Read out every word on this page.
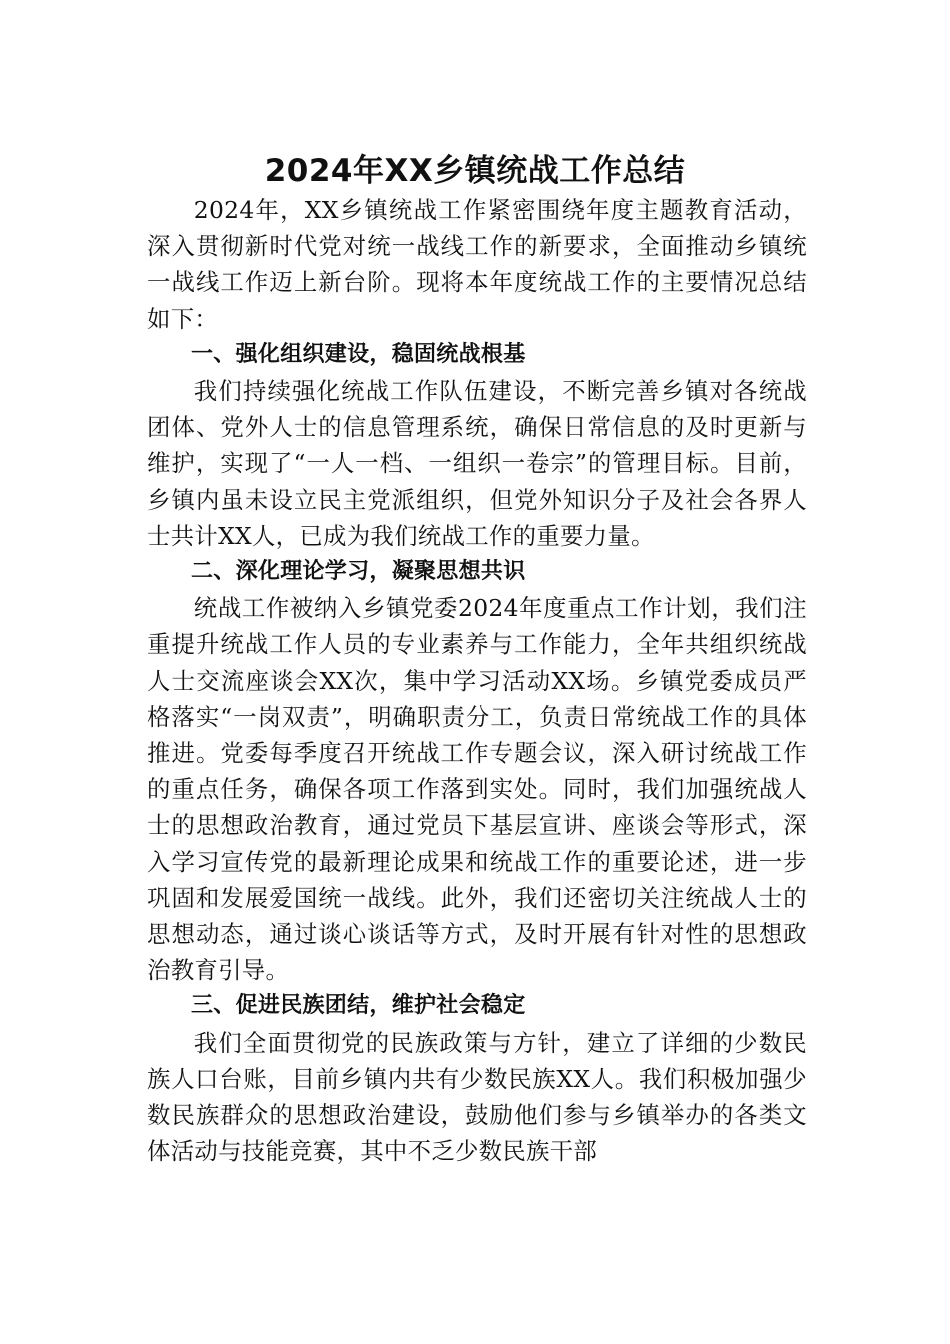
2024年XX乡镇统战工作总结

2024年，XX乡镇统战工作紧密围绕年度主题教育活动，深入贯彻新时代党对统一战线工作的新要求，全面推动乡镇统一战线工作迈上新台阶。现将本年度统战工作的主要情况总结如下：

一、强化组织建设，稳固统战根基

我们持续强化统战工作队伍建设，不断完善乡镇对各统战团体、党外人士的信息管理系统，确保日常信息的及时更新与维护，实现了“一人一档、一组织一卷宗”的管理目标。目前，乡镇内虽未设立民主党派组织，但党外知识分子及社会各界人士共计XX人，已成为我们统战工作的重要力量。

二、深化理论学习，凝聚思想共识

统战工作被纳入乡镇党委2024年度重点工作计划，我们注重提升统战工作人员的专业素养与工作能力，全年共组织统战人士交流座谈会XX次，集中学习活动XX场。乡镇党委成员严格落实“一岗双责”，明确职责分工，负责日常统战工作的具体推进。党委每季度召开统战工作专题会议，深入研讨统战工作的重点任务，确保各项工作落到实处。同时，我们加强统战人士的思想政治教育，通过党员下基层宣讲、座谈会等形式，深入学习宣传党的最新理论成果和统战工作的重要论述，进一步巩固和发展爱国统一战线。此外，我们还密切关注统战人士的思想动态，通过谈心谈话等方式，及时开展有针对性的思想政治教育引导。

三、促进民族团结，维护社会稳定

我们全面贯彻党的民族政策与方针，建立了详细的少数民族人口台账，目前乡镇内共有少数民族XX人。我们积极加强少数民族群众的思想政治建设，鼓励他们参与乡镇举办的各类文体活动与技能竞赛，其中不乏少数民族干部
